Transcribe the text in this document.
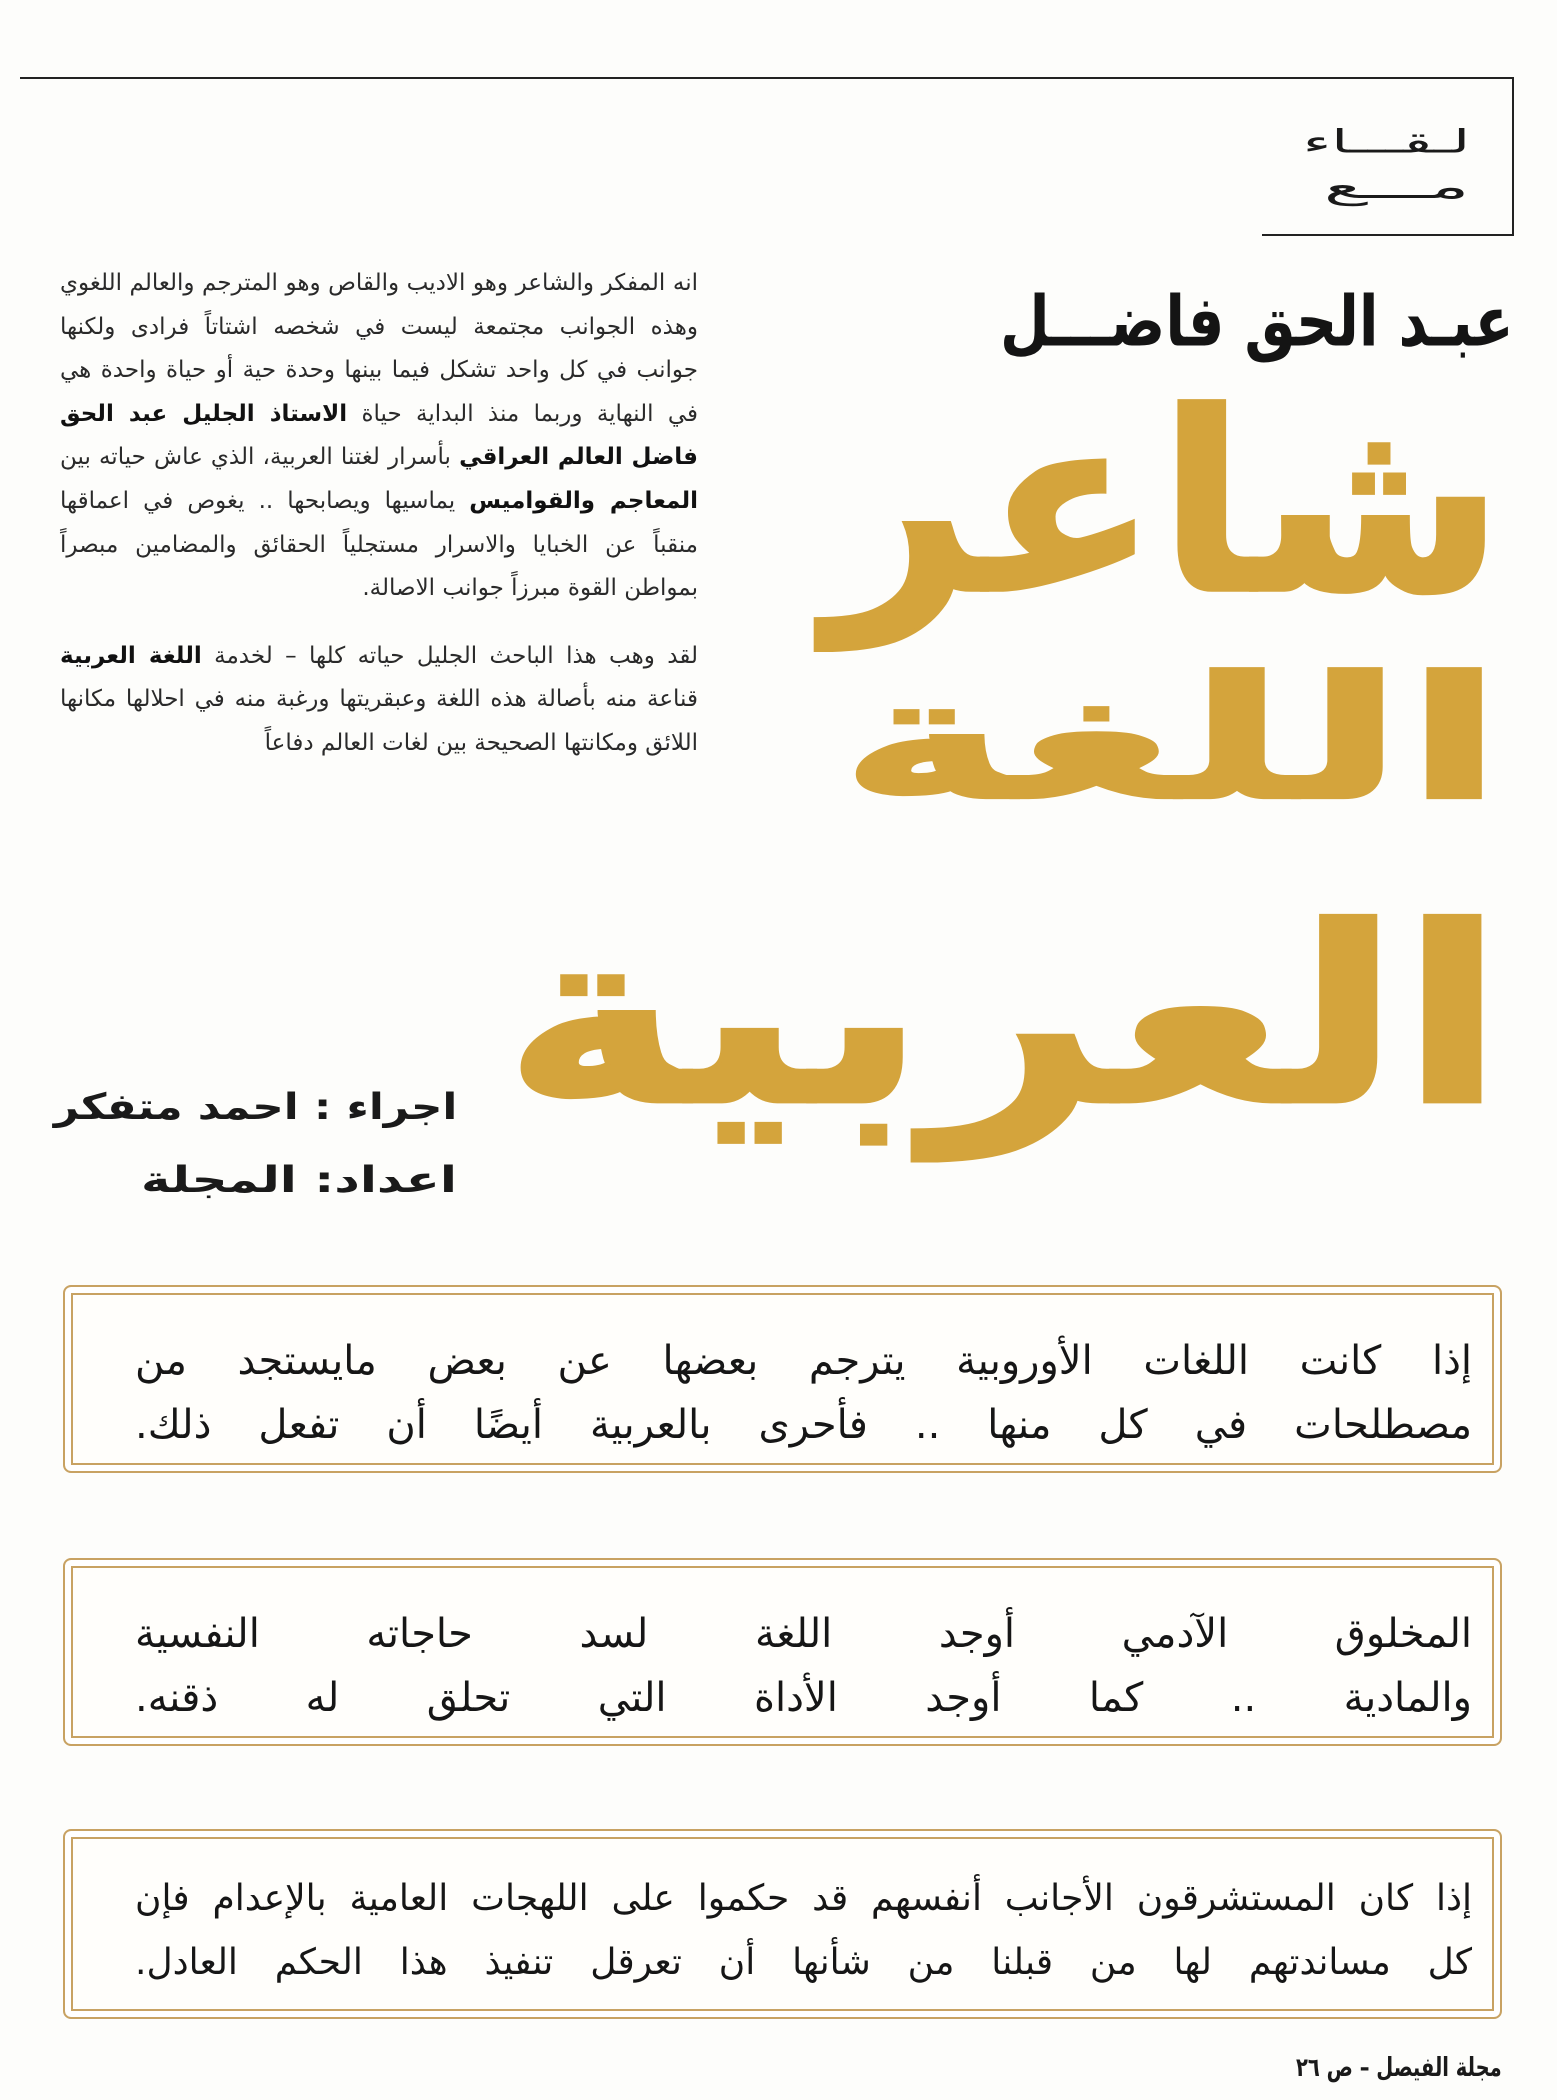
لـقـــاء
مـــع
عبـد الحق فاضـــل
شاعر
اللغة
العربية

انه المفكر والشاعر وهو الاديب والقاص وهو المترجم والعالم اللغوي وهذه الجوانب مجتمعة ليست في شخصه اشتاتاً فرادى ولكنها جوانب في كل واحد تشكل فيما بينها وحدة حية أو حياة واحدة هي في النهاية وربما منذ البداية حياة الاستاذ الجليل عبد الحق فاضل العالم العراقي بأسرار لغتنا العربية، الذي عاش حياته بين المعاجم والقواميس يماسيها ويصابحها .. يغوص في اعماقها منقباً عن الخبايا والاسرار مستجلياً الحقائق والمضامين مبصراً بمواطن القوة مبرزاً جوانب الاصالة.

لقد وهب هذا الباحث الجليل حياته كلها – لخدمة اللغة العربية قناعة منه بأصالة هذه اللغة وعبقريتها ورغبة منه في احلالها مكانها اللائق ومكانتها الصحيحة بين لغات العالم دفاعاً

اجراء : احمد متفكر
اعداد: المجلة
إذا كانت اللغات الأوروبية يترجم بعضها عن بعض مايستجد من
مصطلحات في كل منها .. فأحرى بالعربية أيضًا أن تفعل ذلك.
المخلوق الآدمي أوجد اللغة لسد حاجاته النفسية
والمادية .. كما أوجد الأداة التي تحلق له ذقنه.
إذا كان المستشرقون الأجانب أنفسهم قد حكموا على اللهجات العامية بالإعدام فإن
كل مساندتهم لها من قبلنا من شأنها أن تعرقل تنفيذ هذا الحكم العادل.
مجلة الفيصل – ص ٢٦
